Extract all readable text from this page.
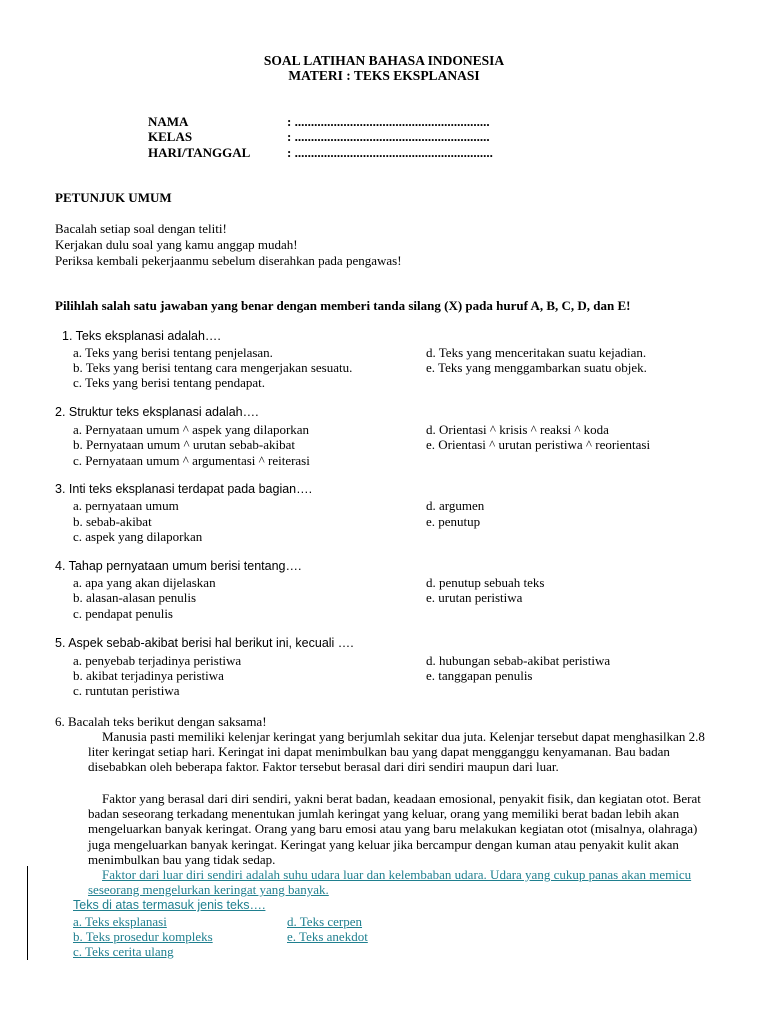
SOAL LATIHAN BAHASA INDONESIA
MATERI : TEKS EKSPLANASI
NAMA	: ............................................................
KELAS	: ............................................................
HARI/TANGGAL	: .............................................................
PETUNJUK UMUM
Bacalah setiap soal dengan teliti!
Kerjakan dulu soal yang kamu anggap mudah!
Periksa kembali pekerjaanmu sebelum diserahkan pada pengawas!
Pilihlah salah satu jawaban yang benar dengan memberi tanda silang (X) pada huruf A, B, C, D, dan E!
1. Teks eksplanasi adalah….
a. Teks yang berisi tentang penjelasan.
b. Teks yang berisi tentang cara mengerjakan sesuatu.
c. Teks yang berisi tentang pendapat.
d. Teks yang menceritakan suatu kejadian.
e. Teks yang menggambarkan suatu objek.
2. Struktur teks eksplanasi adalah….
a. Pernyataan umum ^ aspek yang dilaporkan
b. Pernyataan umum ^ urutan sebab-akibat
c. Pernyataan umum ^ argumentasi ^ reiterasi
d. Orientasi ^ krisis ^ reaksi ^ koda
e. Orientasi ^ urutan peristiwa ^ reorientasi
3. Inti teks eksplanasi terdapat pada bagian….
a. pernyataan umum
b. sebab-akibat
c. aspek yang dilaporkan
d. argumen
e. penutup
4. Tahap pernyataan umum berisi tentang….
a. apa yang akan dijelaskan
b. alasan-alasan penulis
c. pendapat penulis
d. penutup sebuah teks
e. urutan peristiwa
5. Aspek sebab-akibat berisi hal berikut ini, kecuali ….
a. penyebab terjadinya peristiwa
b. akibat terjadinya peristiwa
c. runtutan peristiwa
d. hubungan sebab-akibat peristiwa
e. tanggapan penulis
6. Bacalah teks berikut dengan saksama!
Manusia pasti memiliki kelenjar keringat yang berjumlah sekitar dua juta. Kelenjar tersebut dapat menghasilkan 2.8 liter keringat setiap hari. Keringat ini dapat menimbulkan bau yang dapat mengganggu kenyamanan. Bau badan disebabkan oleh beberapa faktor. Faktor tersebut berasal dari diri sendiri maupun dari luar.
Faktor yang berasal dari diri sendiri, yakni berat badan, keadaan emosional, penyakit fisik, dan kegiatan otot. Berat badan seseorang terkadang menentukan jumlah keringat yang keluar, orang yang memiliki berat badan lebih akan mengeluarkan banyak keringat. Orang yang baru emosi atau yang baru melakukan kegiatan otot (misalnya, olahraga) juga mengeluarkan banyak keringat. Keringat yang keluar jika bercampur dengan kuman atau penyakit kulit akan menimbulkan bau yang tidak sedap.
Faktor dari luar diri sendiri adalah suhu udara luar dan kelembaban udara. Udara yang cukup panas akan memicu seseorang mengelurkan keringat yang banyak.
Teks di atas termasuk jenis teks….
a. Teks eksplanasi
b. Teks prosedur kompleks
c. Teks cerita ulang
d. Teks cerpen
e. Teks anekdot
